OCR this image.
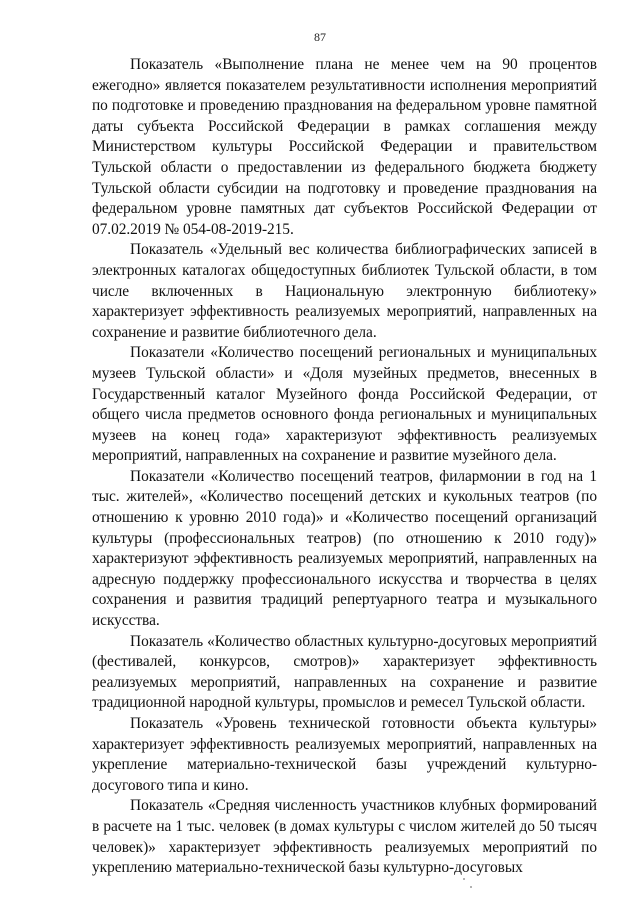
87

Показатель «Выполнение плана не менее чем на 90 процентов ежегодно» является показателем результативности исполнения мероприятий по подготовке и проведению празднования на федеральном уровне памятной даты субъекта Российской Федерации в рамках соглашения между Министерством культуры Российской Федерации и правительством Тульской области о предоставлении из федерального бюджета бюджету Тульской области субсидии на подготовку и проведение празднования на федеральном уровне памятных дат субъектов Российской Федерации от 07.02.2019 № 054-08-2019-215.

Показатель «Удельный вес количества библиографических записей в электронных каталогах общедоступных библиотек Тульской области, в том числе включенных в Национальную электронную библиотеку» характеризует эффективность реализуемых мероприятий, направленных на сохранение и развитие библиотечного дела.

Показатели «Количество посещений региональных и муниципальных музеев Тульской области» и «Доля музейных предметов, внесенных в Государственный каталог Музейного фонда Российской Федерации, от общего числа предметов основного фонда региональных и муниципальных музеев на конец года» характеризуют эффективность реализуемых мероприятий, направленных на сохранение и развитие музейного дела.

Показатели «Количество посещений театров, филармонии в год на 1 тыс. жителей», «Количество посещений детских и кукольных театров (по отношению к уровню 2010 года)» и «Количество посещений организаций культуры (профессиональных театров) (по отношению к 2010 году)» характеризуют эффективность реализуемых мероприятий, направленных на адресную поддержку профессионального искусства и творчества в целях сохранения и развития традиций репертуарного театра и музыкального искусства.

Показатель «Количество областных культурно-досуговых мероприятий (фестивалей, конкурсов, смотров)» характеризует эффективность реализуемых мероприятий, направленных на сохранение и развитие традиционной народной культуры, промыслов и ремесел Тульской области.

Показатель «Уровень технической готовности объекта культуры» характеризует эффективность реализуемых мероприятий, направленных на укрепление материально-технической базы учреждений культурно-досугового типа и кино.

Показатель «Средняя численность участников клубных формирований в расчете на 1 тыс. человек (в домах культуры с числом жителей до 50 тысяч человек)» характеризует эффективность реализуемых мероприятий по укреплению материально-технической базы культурно-досуговых
